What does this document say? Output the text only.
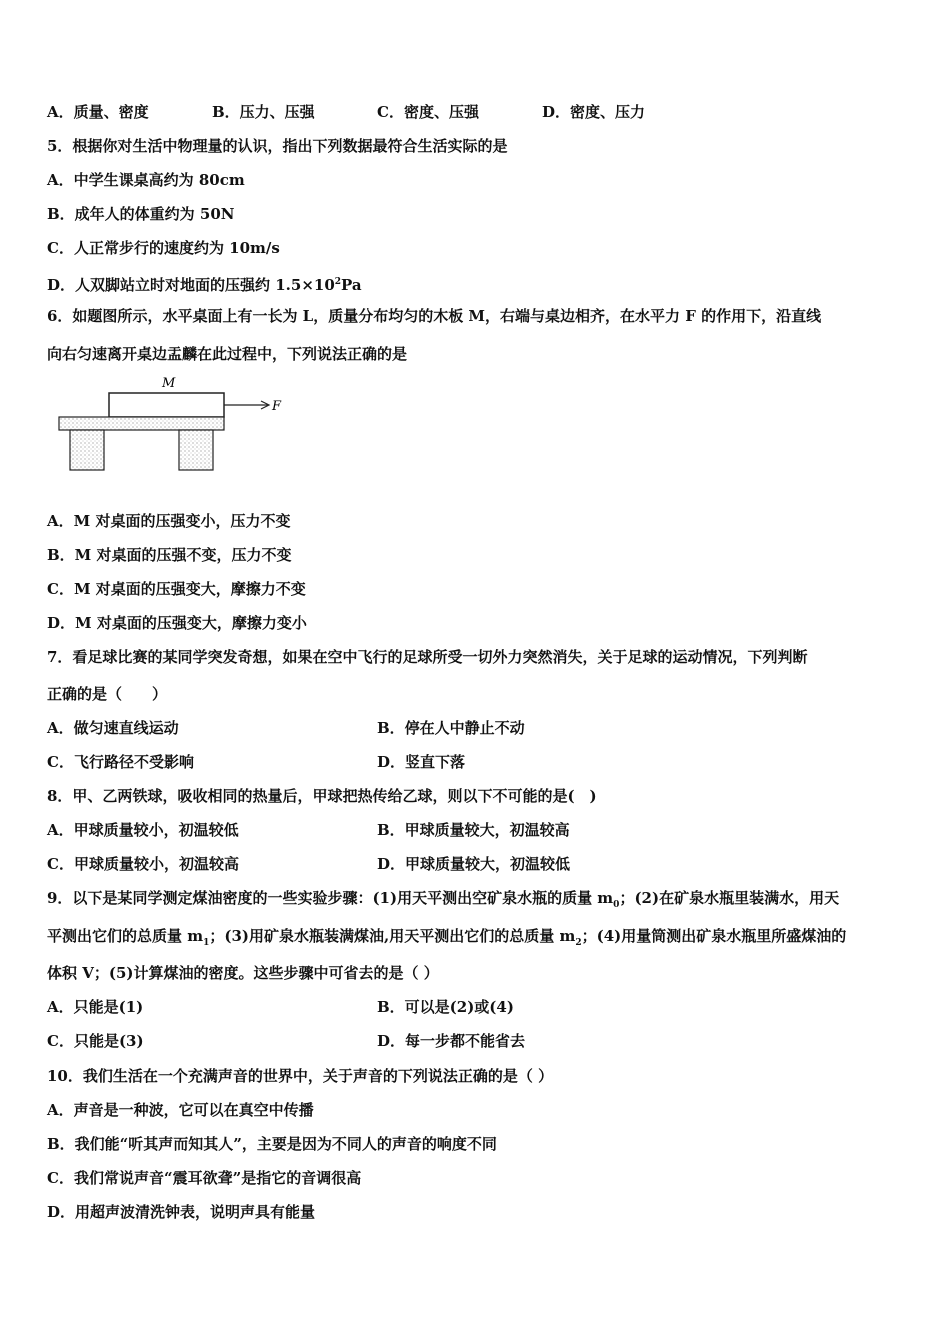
A．质量、密度	B．压力、压强	C．密度、压强	D．密度、压力
5．根据你对生活中物理量的认识，指出下列数据最符合生活实际的是
A．中学生课桌高约为 80cm
B．成年人的体重约为 50N
C．人正常步行的速度约为 10m/s
D．人双脚站立时对地面的压强约 $1.5\times 10^2Pa$
6．如题图所示，水平桌面上有一长为 L，质量分布均匀的木板 M，右端与桌边相齐，在水平力 F 的作用下，沿直线
向右匀速离开桌边盂麟在此过程中，下列说法正确的是
M
F
A．M 对桌面的压强变小，压力不变
B．M 对桌面的压强不变，压力不变
C．M 对桌面的压强变大，摩擦力不变
D．M 对桌面的压强变大，摩擦力变小
7．看足球比赛的某同学突发奇想，如果在空中飞行的足球所受一切外力突然消失，关于足球的运动情况，下列判断
正确的是（　　）
A．做匀速直线运动	B．停在人中静止不动
C．飞行路径不受影响	D．竖直下落
8．甲、乙两铁球，吸收相同的热量后，甲球把热传给乙球，则以下不可能的是(　)
A．甲球质量较小，初温较低	B．甲球质量较大，初温较高
C．甲球质量较小，初温较高	D．甲球质量较大，初温较低
9．以下是某同学测定煤油密度的一些实验步骤：(1)用天平测出空矿泉水瓶的质量 $m_0$；(2)在矿泉水瓶里装满水，用天
平测出它们的总质量 $m_1$；(3)用矿泉水瓶装满煤油,用天平测出它们的总质量 $m_2$；(4)用量筒测出矿泉水瓶里所盛煤油的
体积 V；(5)计算煤油的密度。这些步骤中可省去的是（ ）
A．只能是(1)	B．可以是(2)或(4)
C．只能是(3)	D．每一步都不能省去
10．我们生活在一个充满声音的世界中，关于声音的下列说法正确的是（ ）
A．声音是一种波，它可以在真空中传播
B．我们能“听其声而知其人”，主要是因为不同人的声音的响度不同
C．我们常说声音“震耳欲聋”是指它的音调很高
D．用超声波清洗钟表，说明声具有能量
